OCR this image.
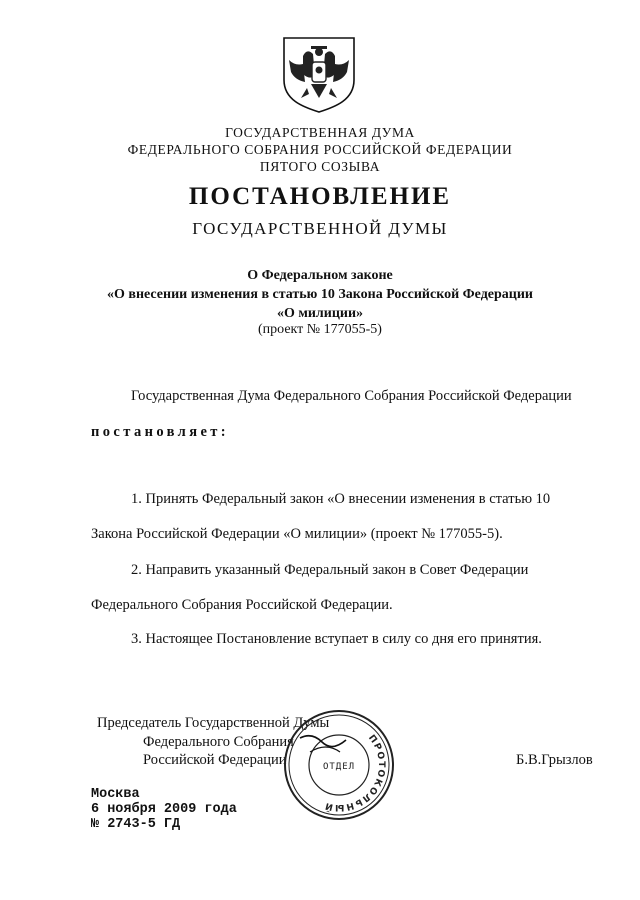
ГОСУДАРСТВЕННАЯ ДУМА
ФЕДЕРАЛЬНОГО СОБРАНИЯ РОССИЙСКОЙ ФЕДЕРАЦИИ
ПЯТОГО СОЗЫВА
ПОСТАНОВЛЕНИЕ
ГОСУДАРСТВЕННОЙ ДУМЫ
О Федеральном законе
«О внесении изменения в статью 10 Закона Российской Федерации
«О милиции»
(проект № 177055-5)
Государственная Дума Федерального Собрания Российской Федерации
постановляет:
1. Принять Федеральный закон «О внесении изменения в статью 10
Закона Российской Федерации «О милиции» (проект № 177055-5).
2. Направить указанный Федеральный закон в Совет Федерации
Федерального Собрания Российской Федерации.
3. Настоящее Постановление вступает в силу со дня его принятия.
Председатель Государственной Думы
Федерального Собрания
Российской Федерации	Б.В.Грызлов
ПРОТОКОЛЬНЫЙ
ОТДЕЛ
Москва
6 ноября 2009 года
№ 2743-5 ГД
